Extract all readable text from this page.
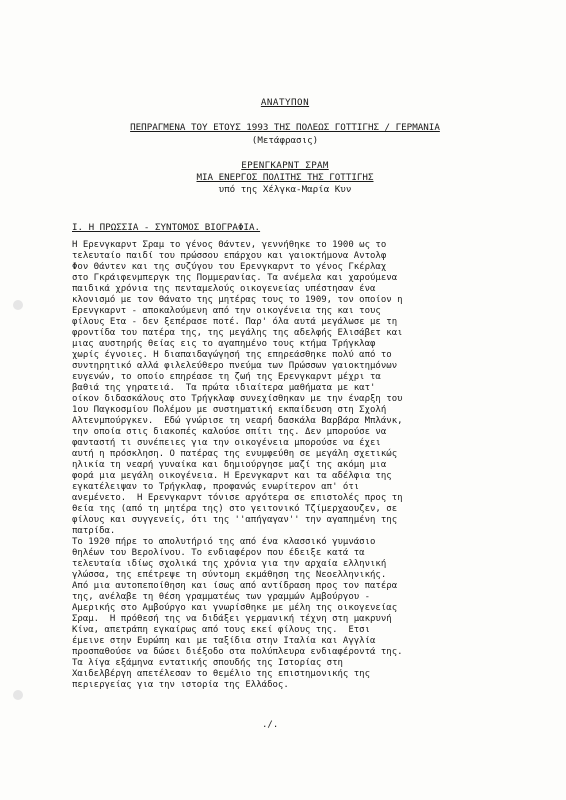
ΑΝΑΤΥΠΟΝ
ΠΕΠΡΑΓΜΕΝΑ ΤΟΥ ΕΤΟΥΣ 1993 ΤΗΣ ΠΟΛΕΩΣ ΓΟΤΤΙΓΗΣ / ΓΕΡΜΑΝΙΑ
(Μετάφρασις)
ΕΡΕΝΓΚΑΡΝΤ ΣΡΑΜ
ΜΙΑ ΕΝΕΡΓΟΣ ΠΟΛΙΤΗΣ ΤΗΣ ΓΟΤΤΙΓΗΣ
υπό της Χέλγκα-Μαρία Κυν
I. Η ΠΡΩΣΣΙΑ - ΣΥΝΤΟΜΟΣ ΒΙΟΓΡΑΦΙΑ.
Η Ερενγκαρντ Σραμ το γένος Θάντεν, γεννήθηκε το 1900 ως το
τελευταίο παιδί του πρώσσου επάρχου και γαιοκτήμονα Αντολφ
Φον Θάντεν και της συζύγου του Ερενγκαρντ το γένος Γκέρλαχ
στο Γκράιφενμπεργκ της Πομμερανίας. Τα ανέμελα και χαρούμενα
παιδικά χρόνια της πενταμελούς οικογενείας υπέστησαν ένα
κλονισμό με τον θάνατο της μητέρας τους το 1909, τον οποίον η
Ερενγκαρντ - αποκαλούμενη από την οικογένεια της και τους
φίλους Ετα - δεν ξεπέρασε ποτέ. Παρ' όλα αυτά μεγάλωσε με τη
φροντίδα του πατέρα της, της μεγάλης της αδελφής Ελισάβετ και
μιας αυστηρής θείας εις το αγαπημένο τους κτήμα Τρήγκλαφ
χωρίς έγνοιες. Η διαπαιδαγώγησή της επηρεάσθηκε πολύ από το
συντηρητικό αλλά φιλελεύθερο πνεύμα των Πρώσσων γαιοκτημόνων
ευγενών, το οποίο επηρέασε τη ζωή της Ερενγκαρντ μέχρι τα
βαθιά της γηρατειά.  Τα πρώτα ιδιαίτερα μαθήματα με κατ'
οίκον διδασκάλους στο Τρήγκλαφ συνεχίσθηκαν με την έναρξη του
1ου Παγκοσμίου Πολέμου με συστηματική εκπαίδευση στη Σχολή
Αλτενμπούργκεν.  Εδώ γνώρισε τη νεαρή δασκάλα Βαρβάρα Μπλάνκ,
την οποία στις διακοπές καλούσε σπίτι της. Δεν μπορούσε να
φανταστή τι συνέπειες για την οικογένεια μπορούσε να έχει
αυτή η πρόσκληση. Ο πατέρας της ενυμφεύθη σε μεγάλη σχετικώς
ηλικία τη νεαρή γυναίκα και δημιούργησε μαζί της ακόμη μια
φορά μια μεγάλη οικογένεια. Η Ερενγκαρντ και τα αδέλφια της
εγκατέλειψαν το Τρήγκλαφ, προφανώς ενωρίτερον απ' ότι
ανεμένετο.  Η Ερενγκαρντ τόνισε αργότερα σε επιστολές προς τη
θεία της (από τη μητέρα της) στο γειτονικό Τζίμερχαουζεν, σε
φίλους και συγγενείς, ότι της ''απήγαγαν'' την αγαπημένη της
πατρίδα.
Το 1920 πήρε το απολυτήριό της από ένα κλασσικό γυμνάσιο
θηλέων του Βερολίνου. Το ενδιαφέρον που έδειξε κατά τα
τελευταία ιδίως σχολικά της χρόνια για την αρχαία ελληνική
γλώσσα, της επέτρεψε τη σύντομη εκμάθηση της Νεοελληνικής.
Από μια αυτοπεποίθηση και ίσως από αντίδραση προς τον πατέρα
της, ανέλαβε τη θέση γραμματέως των γραμμών Αμβούργου -
Αμερικής στο Αμβούργο και γνωρίσθηκε με μέλη της οικογενείας
Σραμ.  Η πρόθεσή της να διδάξει γερμανική τέχνη στη μακρυνή
Κίνα, απετράπη εγκαίρως από τους εκεί φίλους της.  Ετσι
έμεινε στην Ευρώπη και με ταξίδια στην Ιταλία και Αγγλία
προσπαθούσε να δώσει διέξοδο στα πολύπλευρα ενδιαφέροντά της.
Τα λίγα εξάμηνα εντατικής σπουδής της Ιστορίας στη
Χαιδελβέργη απετέλεσαν το θεμέλιο της επιστημονικής της
περιεργείας για την ιστορία της Ελλάδος.
./.
